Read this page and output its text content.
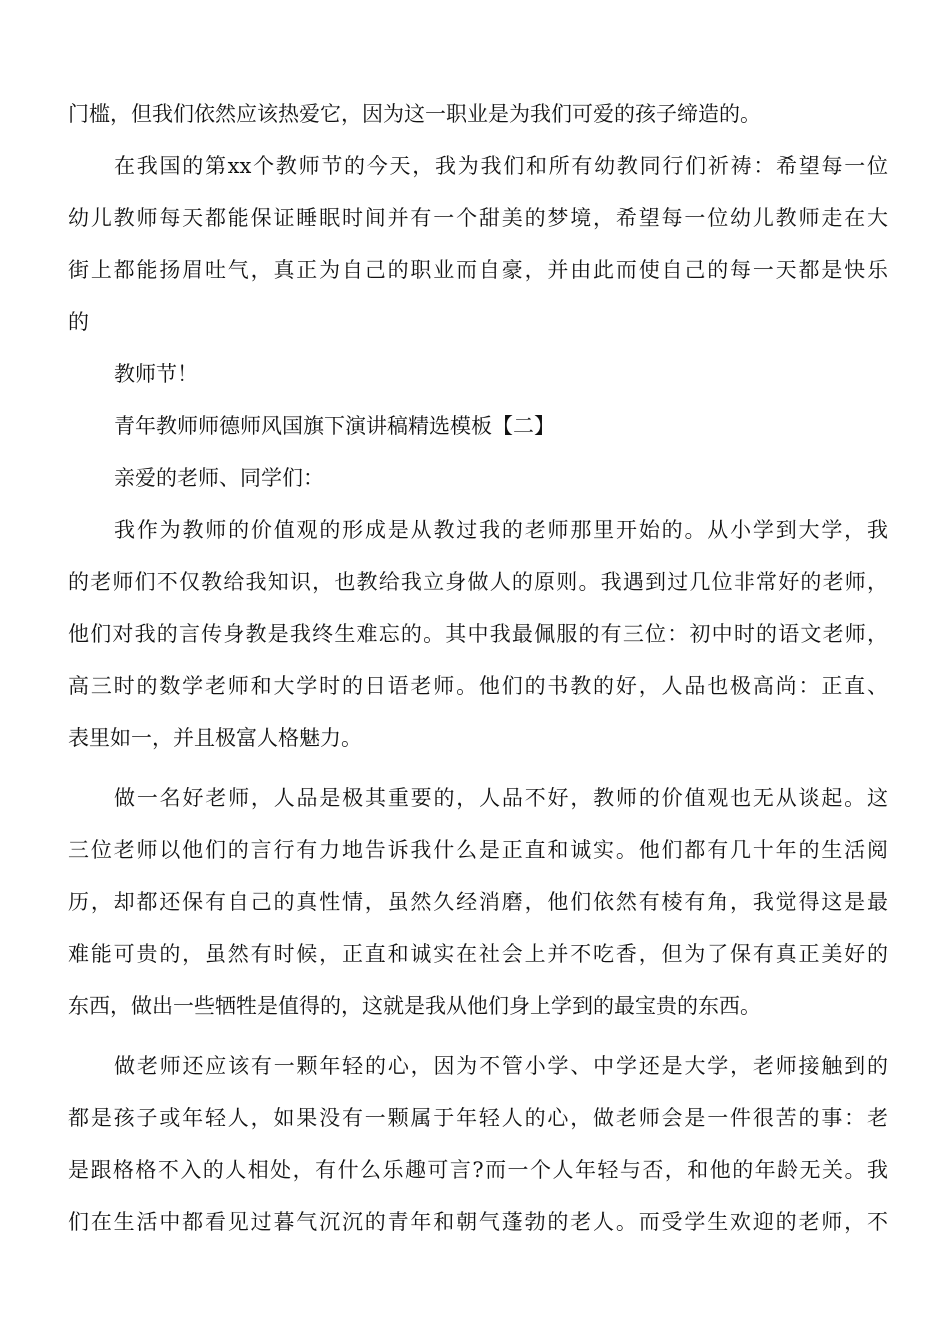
门槛，但我们依然应该热爱它，因为这一职业是为我们可爱的孩子缔造的。
在我国的第xx个教师节的今天，我为我们和所有幼教同行们祈祷：希望每一位
幼儿教师每天都能保证睡眠时间并有一个甜美的梦境，希望每一位幼儿教师走在大
街上都能扬眉吐气，真正为自己的职业而自豪，并由此而使自己的每一天都是快乐
的
教师节！
青年教师师德师风国旗下演讲稿精选模板【二】
亲爱的老师、同学们：
我作为教师的价值观的形成是从教过我的老师那里开始的。从小学到大学，我
的老师们不仅教给我知识，也教给我立身做人的原则。我遇到过几位非常好的老师，
他们对我的言传身教是我终生难忘的。其中我最佩服的有三位：初中时的语文老师，
高三时的数学老师和大学时的日语老师。他们的书教的好，人品也极高尚：正直、
表里如一，并且极富人格魅力。
做一名好老师，人品是极其重要的，人品不好，教师的价值观也无从谈起。这
三位老师以他们的言行有力地告诉我什么是正直和诚实。他们都有几十年的生活阅
历，却都还保有自己的真性情，虽然久经消磨，他们依然有棱有角，我觉得这是最
难能可贵的，虽然有时候，正直和诚实在社会上并不吃香，但为了保有真正美好的
东西，做出一些牺牲是值得的，这就是我从他们身上学到的最宝贵的东西。
做老师还应该有一颗年轻的心，因为不管小学、中学还是大学，老师接触到的
都是孩子或年轻人，如果没有一颗属于年轻人的心，做老师会是一件很苦的事：老
是跟格格不入的人相处，有什么乐趣可言?而一个人年轻与否，和他的年龄无关。我
们在生活中都看见过暮气沉沉的青年和朝气蓬勃的老人。而受学生欢迎的老师，不
